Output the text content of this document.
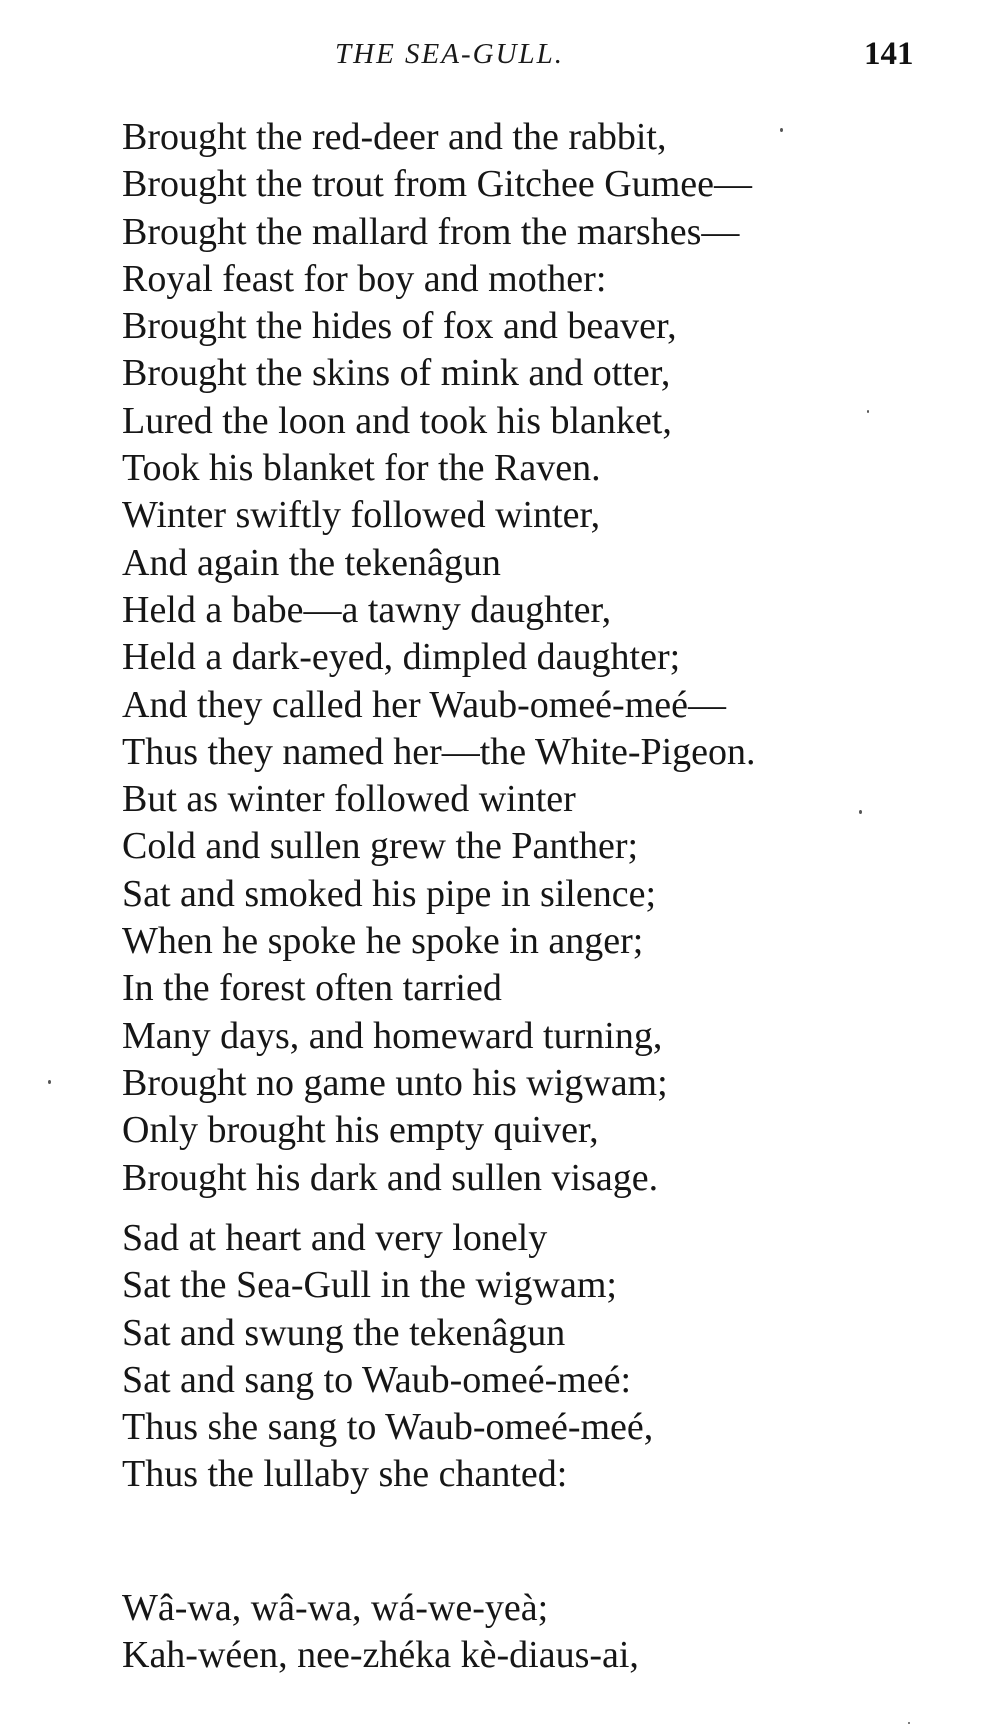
THE SEA-GULL.	141
Brought the red-deer and the rabbit,
Brought the trout from Gitchee Gumee—
Brought the mallard from the marshes—
Royal feast for boy and mother:
Brought the hides of fox and beaver,
Brought the skins of mink and otter,
Lured the loon and took his blanket,
Took his blanket for the Raven.
Winter swiftly followed winter,
And again the tekenâgun
Held a babe—a tawny daughter,
Held a dark-eyed, dimpled daughter;
And they called her Waub-omeé-meé—
Thus they named her—the White-Pigeon.
But as winter followed winter
Cold and sullen grew the Panther;
Sat and smoked his pipe in silence;
When he spoke he spoke in anger;
In the forest often tarried
Many days, and homeward turning,
Brought no game unto his wigwam;
Only brought his empty quiver,
Brought his dark and sullen visage.
Sad at heart and very lonely
Sat the Sea-Gull in the wigwam;
Sat and swung the tekenâgun
Sat and sang to Waub-omeé-meé:
Thus she sang to Waub-omeé-meé,
Thus the lullaby she chanted:
Wâ-wa, wâ-wa, wá-we-yeà;
Kah-wéen, nee-zhéka kè-diaus-ai,
